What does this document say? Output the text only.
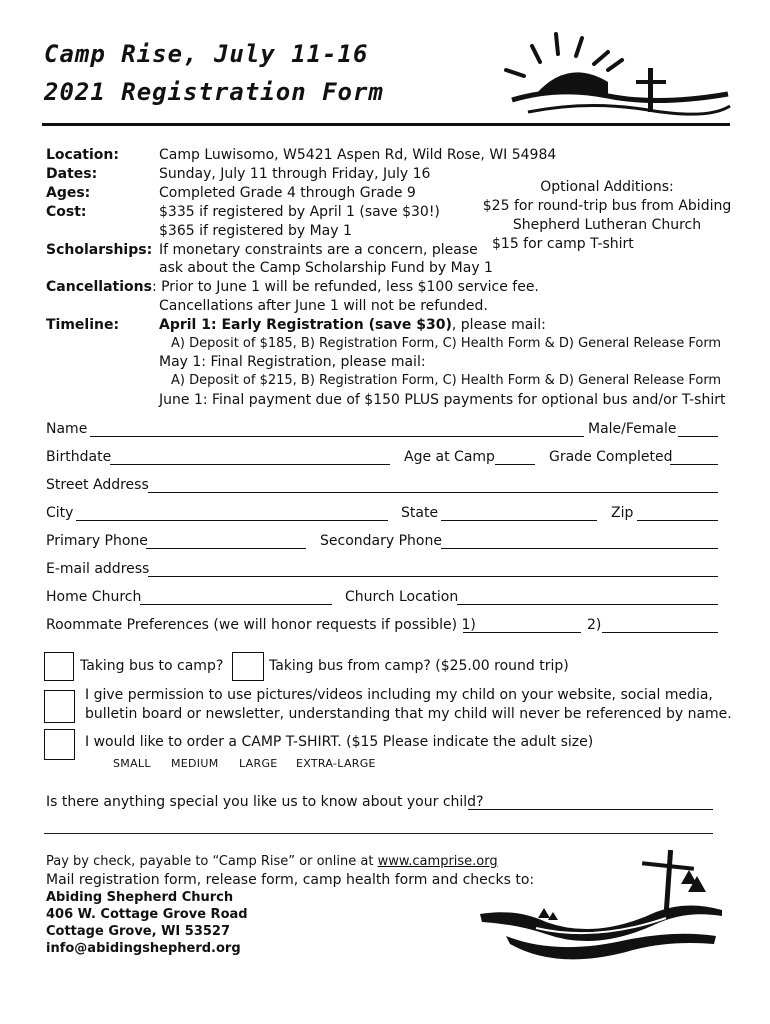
Camp Rise, July 11-16
2021 Registration Form
Location:	Camp Luwisomo, W5421 Aspen Rd, Wild Rose, WI 54984
Dates:	Sunday, July 11 through Friday, July 16
Ages:	Completed Grade 4 through Grade 9
Cost:	$335 if registered by April 1 (save $30!)
$365 if registered by May 1
Scholarships: If monetary constraints are a concern, please
ask about the Camp Scholarship Fund by May 1
Cancellations: Prior to June 1 will be refunded, less $100 service fee.
Cancellations after June 1 will not be refunded.
Timeline:	April 1: Early Registration (save $30), please mail:
A) Deposit of $185, B) Registration Form, C) Health Form & D) General Release Form
May 1: Final Registration, please mail:
A) Deposit of $215, B) Registration Form, C) Health Form & D) General Release Form
June 1: Final payment due of $150 PLUS payments for optional bus and/or T-shirt
Optional Additions:
$25 for round-trip bus from Abiding
Shepherd Lutheran Church
$15 for camp T-shirt
Name	Male/Female
Birthdate	Age at Camp	Grade Completed
Street Address
City	State	Zip
Primary Phone	Secondary Phone
E-mail address
Home Church	Church Location
Roommate Preferences (we will honor requests if possible) 1)	2)
Taking bus to camp?	Taking bus from camp? ($25.00 round trip)
I give permission to use pictures/videos including my child on your website, social media,
bulletin board or newsletter, understanding that my child will never be referenced by name.
I would like to order a CAMP T-SHIRT. ($15 Please indicate the adult size)
SMALL MEDIUM LARGE EXTRA-LARGE
Is there anything special you like us to know about your child?
Pay by check, payable to “Camp Rise” or online at www.camprise.org
Mail registration form, release form, camp health form and checks to:
Abiding Shepherd Church
406 W. Cottage Grove Road
Cottage Grove, WI 53527
info@abidingshepherd.org
